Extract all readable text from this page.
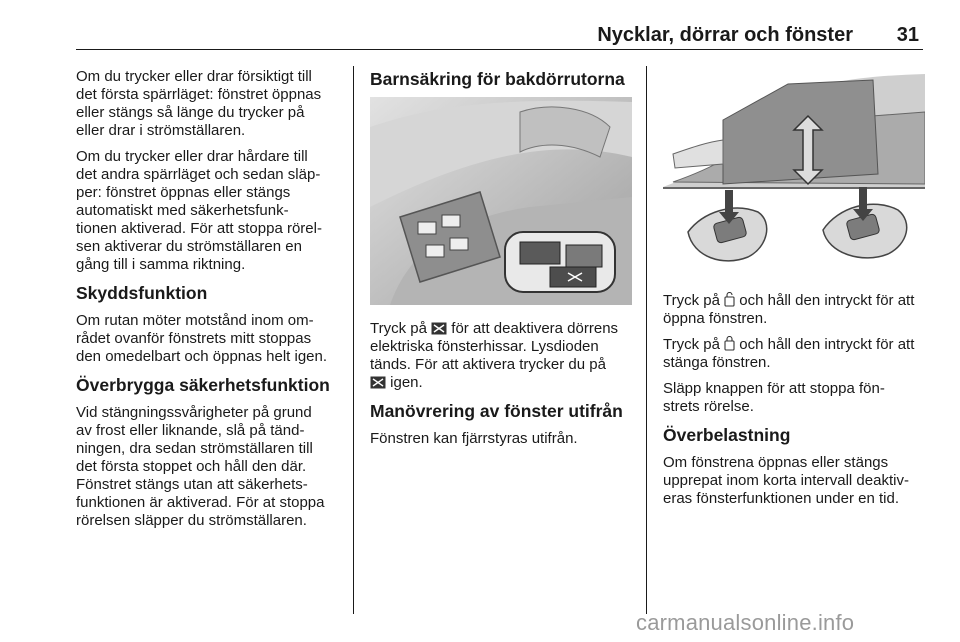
Nycklar, dörrar och fönster 31

Om du trycker eller drar försiktigt till
det första spärrläget: fönstret öppnas
eller stängs så länge du trycker på
eller drar i strömställaren.

Om du trycker eller drar hårdare till
det andra spärrläget och sedan släp-
per: fönstret öppnas eller stängs
automatiskt med säkerhetsfunk-
tionen aktiverad. För att stoppa rörel-
sen aktiverar du strömställaren en
gång till i samma riktning.

Skyddsfunktion

Om rutan möter motstånd inom om-
rådet ovanför fönstrets mitt stoppas
den omedelbart och öppnas helt igen.

Överbrygga säkerhetsfunktion

Vid stängningssvårigheter på grund
av frost eller liknande, slå på tänd-
ningen, dra sedan strömställaren till
det första stoppet och håll den där.
Fönstret stängs utan att säkerhets-
funktionen är aktiverad. För at stoppa
rörelsen släpper du strömställaren.

Barnsäkring för bakdörrutorna

Tryck på  för att deaktivera dörrens
elektriska fönsterhissar. Lysdioden
tänds. För att aktivera trycker du på
igen.

Manövrering av fönster utifrån

Fönstren kan fjärrstyras utifrån.

Tryck på  och håll den intryckt för att
öppna fönstren.

Tryck på  och håll den intryckt för att
stänga fönstren.

Släpp knappen för att stoppa fön-
strets rörelse.

Överbelastning

Om fönstrena öppnas eller stängs
upprepat inom korta intervall deaktiv-
eras fönsterfunktionen under en tid.

carmanualsonline.info
